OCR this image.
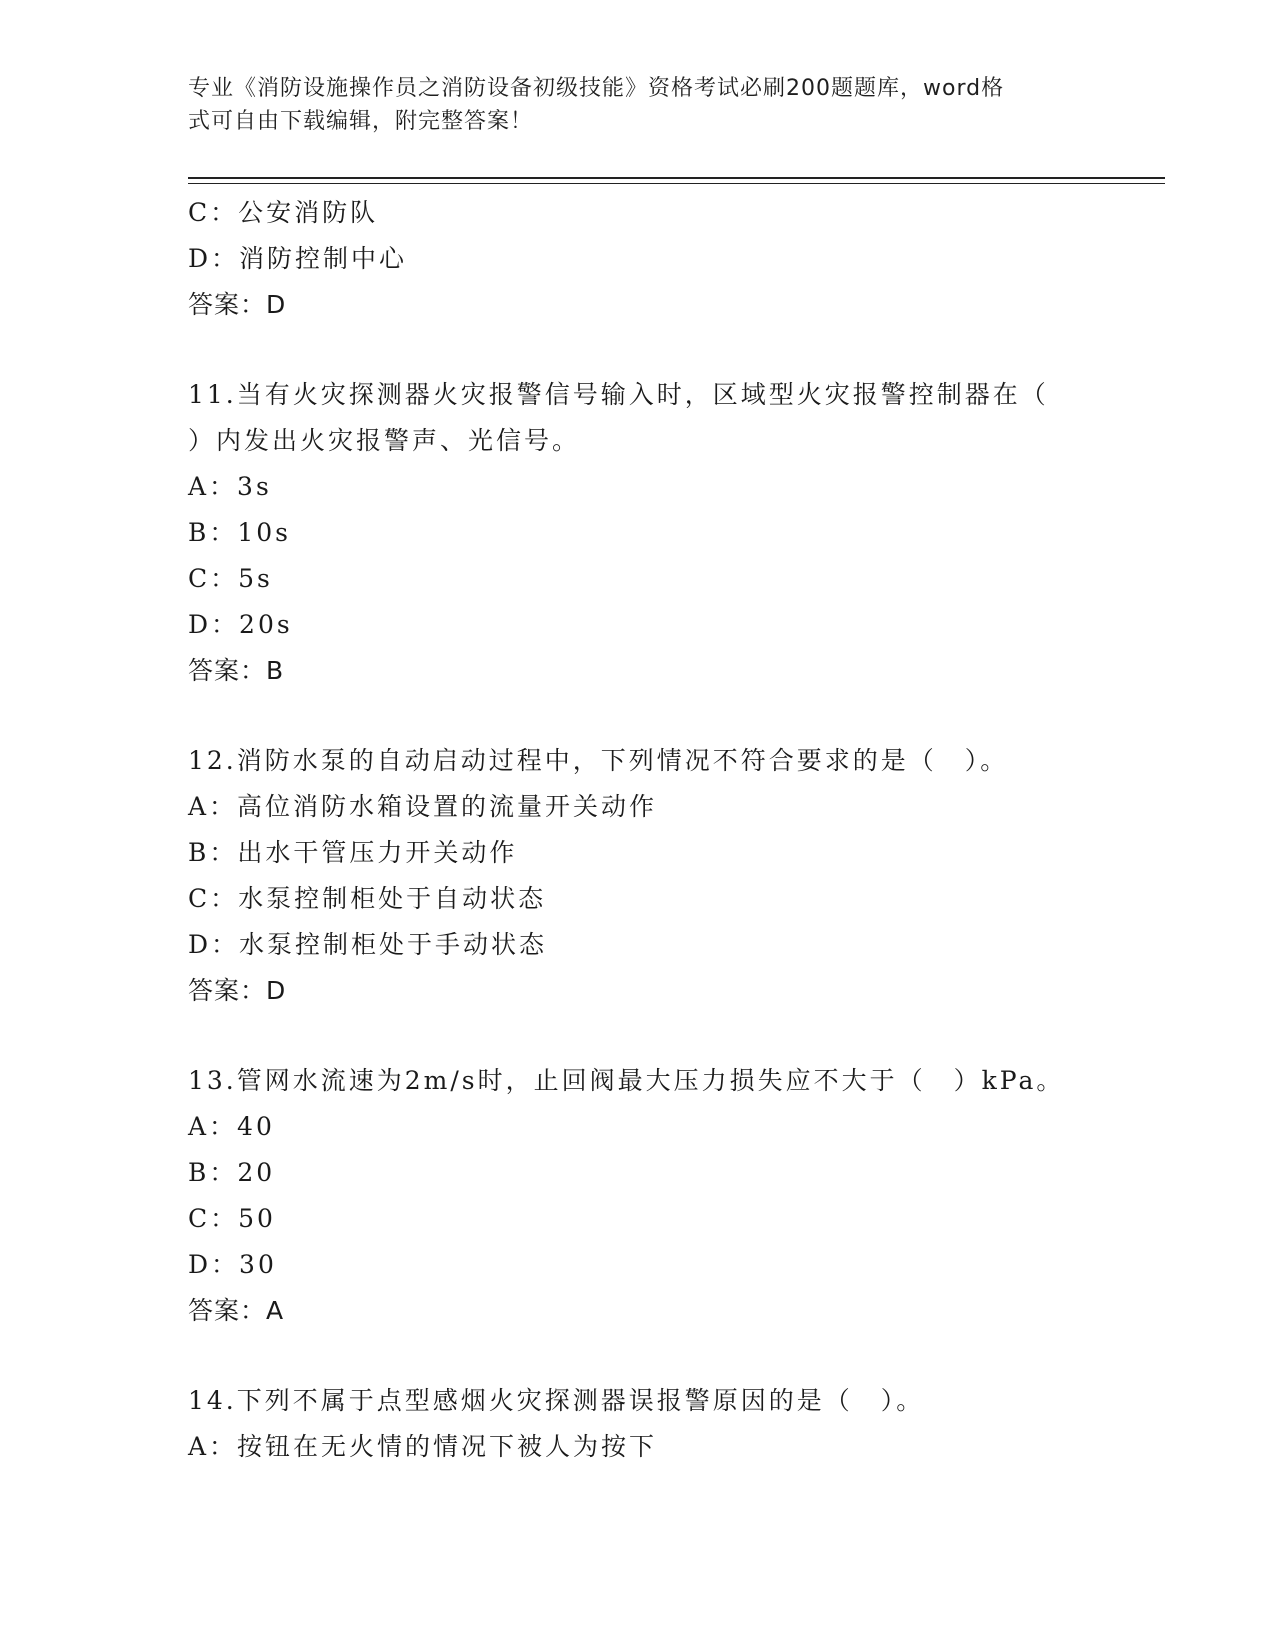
专业《消防设施操作员之消防设备初级技能》资格考试必刷200题题库，word格
式可自由下载编辑，附完整答案！
C：公安消防队
D：消防控制中心
答案：D
11.当有火灾探测器火灾报警信号输入时，区域型火灾报警控制器在（
）内发出火灾报警声、光信号。
A：3s
B：10s
C：5s
D：20s
答案：B
12.消防水泵的自动启动过程中，下列情况不符合要求的是（　）。
A：高位消防水箱设置的流量开关动作
B：出水干管压力开关动作
C：水泵控制柜处于自动状态
D：水泵控制柜处于手动状态
答案：D
13.管网水流速为2m/s时，止回阀最大压力损失应不大于（　）kPa。
A：40
B：20
C：50
D：30
答案：A
14.下列不属于点型感烟火灾探测器误报警原因的是（　）。
A：按钮在无火情的情况下被人为按下
